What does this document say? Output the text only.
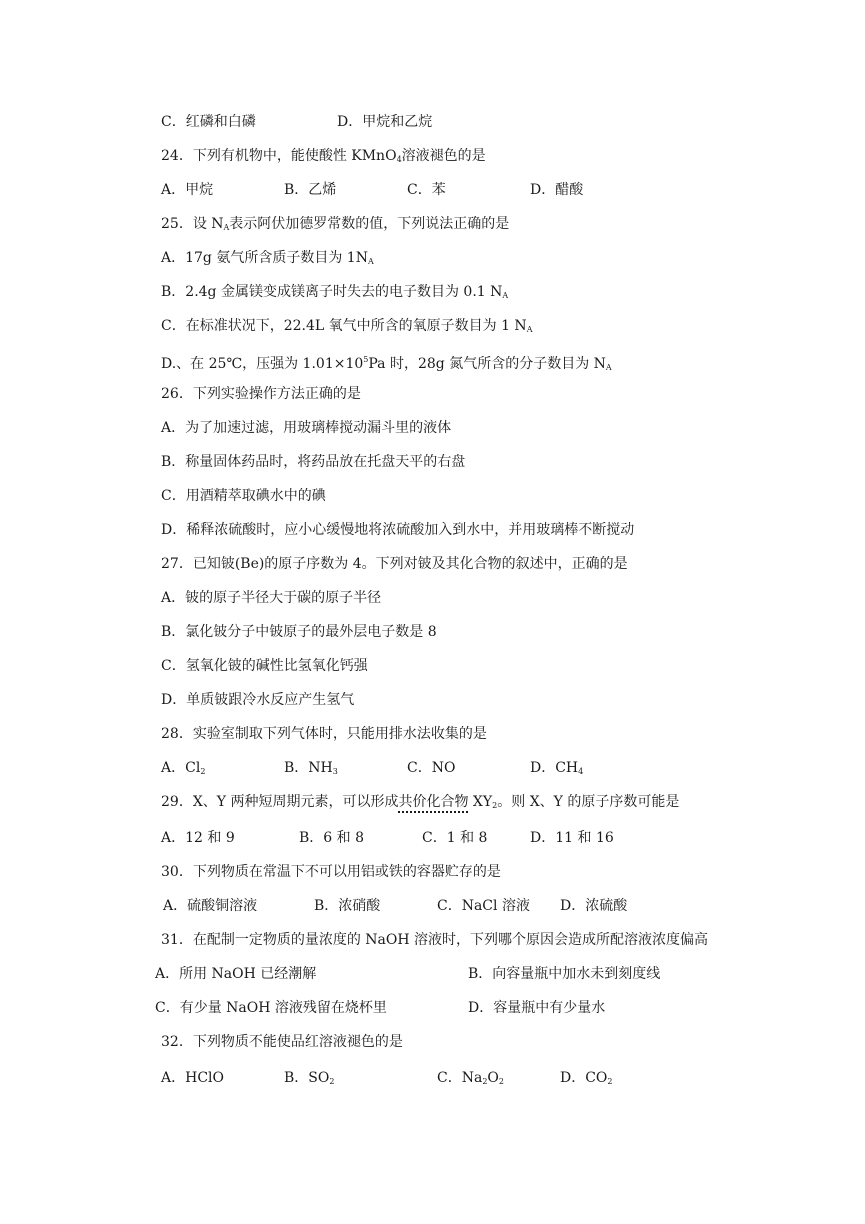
C．红磷和白磷	D．甲烷和乙烷
24．下列有机物中，能使酸性 KMnO$_4$溶液褪色的是
A．甲烷	B．乙烯	C．苯	D．醋酸
25．设 $N_A$表示阿伏加德罗常数的值，下列说法正确的是
A．17g 氨气所含质子数目为 $1N_A$
B．2.4g 金属镁变成镁离子时失去的电子数目为 0.1 $N_A$
C．在标准状况下，22.4L 氧气中所含的氧原子数目为 1 $N_A$
D.、在 25℃，压强为 $1.01\times 10^5Pa$ 时，28g 氮气所含的分子数目为 $N_A$
26．下列实验操作方法正确的是
A．为了加速过滤，用玻璃棒搅动漏斗里的液体
B．称量固体药品时，将药品放在托盘天平的右盘
C．用酒精萃取碘水中的碘
D．稀释浓硫酸时，应小心缓慢地将浓硫酸加入到水中，并用玻璃棒不断搅动
27．已知铍(Be)的原子序数为 4。下列对铍及其化合物的叙述中，正确的是
A．铍的原子半径大于碳的原子半径
B．氯化铍分子中铍原子的最外层电子数是 8
C．氢氧化铍的碱性比氢氧化钙强
D．单质铍跟冷水反应产生氢气
28．实验室制取下列气体时，只能用排水法收集的是
A．$Cl_2$	B．$NH_3$	C．NO	D．$CH_4$
29．X、Y 两种短周期元素，可以形成共价化合物 $XY_2$。则 X、Y 的原子序数可能是
A．12 和 9	B．6 和 8	C．1 和 8	D．11 和 16
30．下列物质在常温下不可以用铝或铁的容器贮存的是
A．硫酸铜溶液	B．浓硝酸	C．NaCl 溶液 D．浓硫酸
31．在配制一定物质的量浓度的 NaOH 溶液时，下列哪个原因会造成所配溶液浓度偏高
A．所用 NaOH 已经潮解	B．向容量瓶中加水未到刻度线
C．有少量 NaOH 溶液残留在烧杯里	D．容量瓶中有少量水
32．下列物质不能使品红溶液褪色的是
A．HClO	B．$SO_2$	C．$Na_2O_2$	D．$CO_2$
